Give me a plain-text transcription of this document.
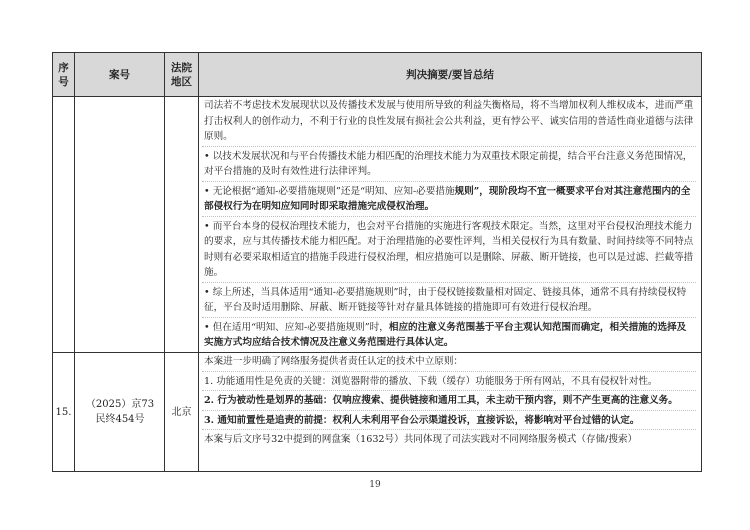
序号
案号
法院地区
判决摘要/要旨总结

司法若不考虑技术发展现状以及传播技术发展与使用所导致的利益失衡格局，将不当增加权利人维权成本，进而严重打击权利人的创作动力，不利于行业的良性发展有损社会公共利益，更有悖公平、诚实信用的普适性商业道德与法律原则。

• 以技术发展状况和与平台传播技术能力相匹配的治理技术能力为双重技术限定前提，结合平台注意义务范围情况，对平台措施的及时有效性进行法律评判。

• 无论根据“通知-必要措施规则”还是“明知、应知-必要措施规则”，现阶段均不宜一概要求平台对其注意范围内的全部侵权行为在明知应知同时即采取措施完成侵权治理。

• 而平台本身的侵权治理技术能力，也会对平台措施的实施进行客观技术限定。当然，这里对平台侵权治理技术能力的要求，应与其传播技术能力相匹配。对于治理措施的必要性评判，当相关侵权行为具有数量、时间持续等不同特点时则有必要采取相适宜的措施手段进行侵权治理，相应措施可以是删除、屏蔽、断开链接，也可以是过滤、拦截等措施。

• 综上所述，当具体适用“通知-必要措施规则”时，由于侵权链接数量相对固定、链接具体，通常不具有持续侵权特征，平台及时适用删除、屏蔽、断开链接等针对存量具体链接的措施即可有效进行侵权治理。

• 但在适用“明知、应知-必要措施规则”时，相应的注意义务范围基于平台主观认知范围而确定，相关措施的选择及实施方式均应结合技术情况及注意义务范围进行具体认定。

15.
（2025）京73民终454号
北京

本案进一步明确了网络服务提供者责任认定的技术中立原则：

1. 功能通用性是免责的关键：浏览器附带的播放、下载（缓存）功能服务于所有网站，不具有侵权针对性。

2. 行为被动性是划界的基础：仅响应搜索、提供链接和通用工具，未主动干预内容，则不产生更高的注意义务。

3. 通知前置性是追责的前提：权利人未利用平台公示渠道投诉，直接诉讼，将影响对平台过错的认定。

本案与后文序号32中提到的网盘案（1632号）共同体现了司法实践对不同网络服务模式（存储/搜索）

19
